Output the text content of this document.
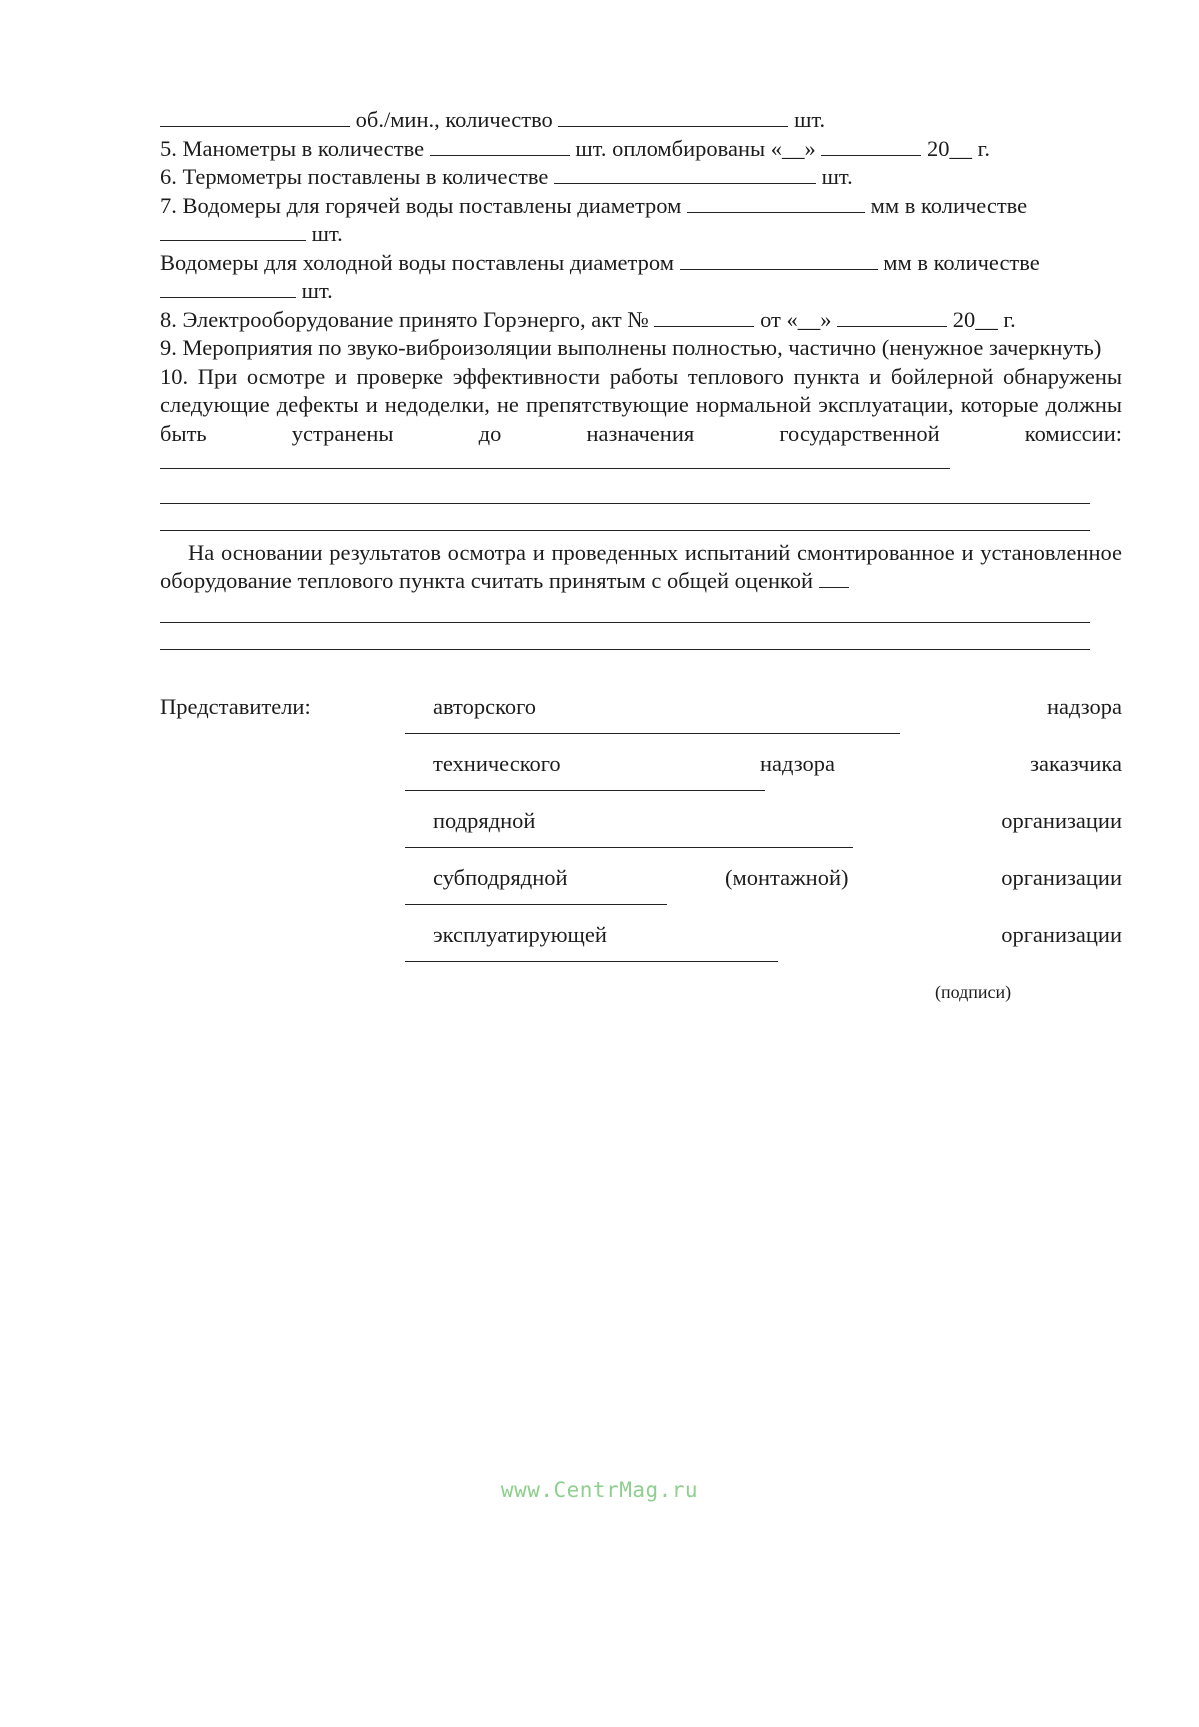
об./мин., количество	шт.
5. Манометры в количестве	шт. опломбированы «__»	20__ г.
6. Термометры поставлены в количестве	шт.
7. Водомеры для горячей воды поставлены диаметром	мм в количестве
шт.
Водомеры для холодной воды поставлены диаметром	мм в количестве
шт.
8. Электрооборудование принято Горэнерго, акт №	от «__»	20__ г.
9. Мероприятия по звуко-виброизоляции выполнены полностью, частично (ненужное зачеркнуть)
10. При осмотре и проверке эффективности работы теплового пункта и бойлерной обнаружены следующие дефекты и недоделки, не препятствующие нормальной эксплуатации, которые должны быть устранены до назначения государственной комиссии:
На основании результатов осмотра и проведенных испытаний смонтированное и установленное оборудование теплового пункта считать принятым с общей оценкой
Представители:	авторского	надзора
технического	надзора	заказчика
подрядной	организации
субподрядной	(монтажной)	организации
эксплуатирующей	организации
(подписи)
www.CentrMag.ru
